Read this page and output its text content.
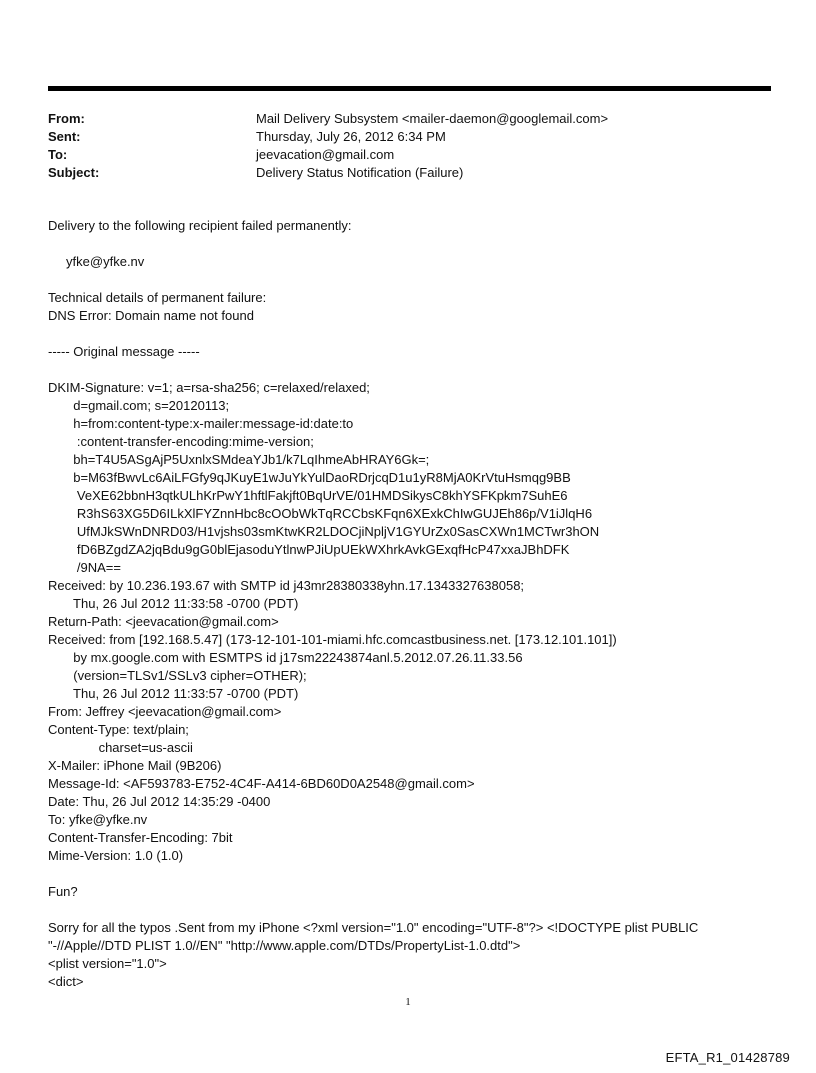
From:	Mail Delivery Subsystem <mailer-daemon@googlemail.com>
Sent:	Thursday, July 26, 2012 6:34 PM
To:	jeevacation@gmail.com
Subject:	Delivery Status Notification (Failure)
Delivery to the following recipient failed permanently:
yfke@yfke.nv
Technical details of permanent failure:
DNS Error: Domain name not found
----- Original message -----
DKIM-Signature: v=1; a=rsa-sha256; c=relaxed/relaxed;
d=gmail.com; s=20120113;
h=from:content-type:x-mailer:message-id:date:to
:content-transfer-encoding:mime-version;
bh=T4U5ASgAjP5UxnlxSMdeaYJb1/k7LqIhmeAbHRAY6Gk=;
b=M63fBwvLc6AiLFGfy9qJKuyE1wJuYkYulDaoRDrjcqD1u1yR8MjA0KrVtuHsmqg9BB
VeXE62bbnH3qtkULhKrPwY1hftlFakjft0BqUrVE/01HMDSikysC8khYSFKpkm7SuhE6
R3hS63XG5D6ILkXlFYZnnHbc8cOObWkTqRCCbsKFqn6XExkChIwGUJEh86p/V1iJlqH6
UfMJkSWnDNRD03/H1vjshs03smKtwKR2LDOCjiNpljV1GYUrZx0SasCXWn1MCTwr3hON
fD6BZgdZA2jqBdu9gG0blEjasoduYtlnwPJiUpUEkWXhrkAvkGExqfHcP47xxaJBhDFK
/9NA==
Received: by 10.236.193.67 with SMTP id j43mr28380338yhn.17.1343327638058;
Thu, 26 Jul 2012 11:33:58 -0700 (PDT)
Return-Path: <jeevacation@gmail.com>
Received: from [192.168.5.47] (173-12-101-101-miami.hfc.comcastbusiness.net. [173.12.101.101])
by mx.google.com with ESMTPS id j17sm22243874anl.5.2012.07.26.11.33.56
(version=TLSv1/SSLv3 cipher=OTHER);
Thu, 26 Jul 2012 11:33:57 -0700 (PDT)
From: Jeffrey <jeevacation@gmail.com>
Content-Type: text/plain;
charset=us-ascii
X-Mailer: iPhone Mail (9B206)
Message-Id: <AF593783-E752-4C4F-A414-6BD60D0A2548@gmail.com>
Date: Thu, 26 Jul 2012 14:35:29 -0400
To: yfke@yfke.nv
Content-Transfer-Encoding: 7bit
Mime-Version: 1.0 (1.0)
Fun?
Sorry for all the typos .Sent from my iPhone <?xml version="1.0" encoding="UTF-8"?> <!DOCTYPE plist PUBLIC "-//Apple//DTD PLIST 1.0//EN" "http://www.apple.com/DTDs/PropertyList-1.0.dtd">
<plist version="1.0">
<dict>
1
EFTA_R1_01428789
